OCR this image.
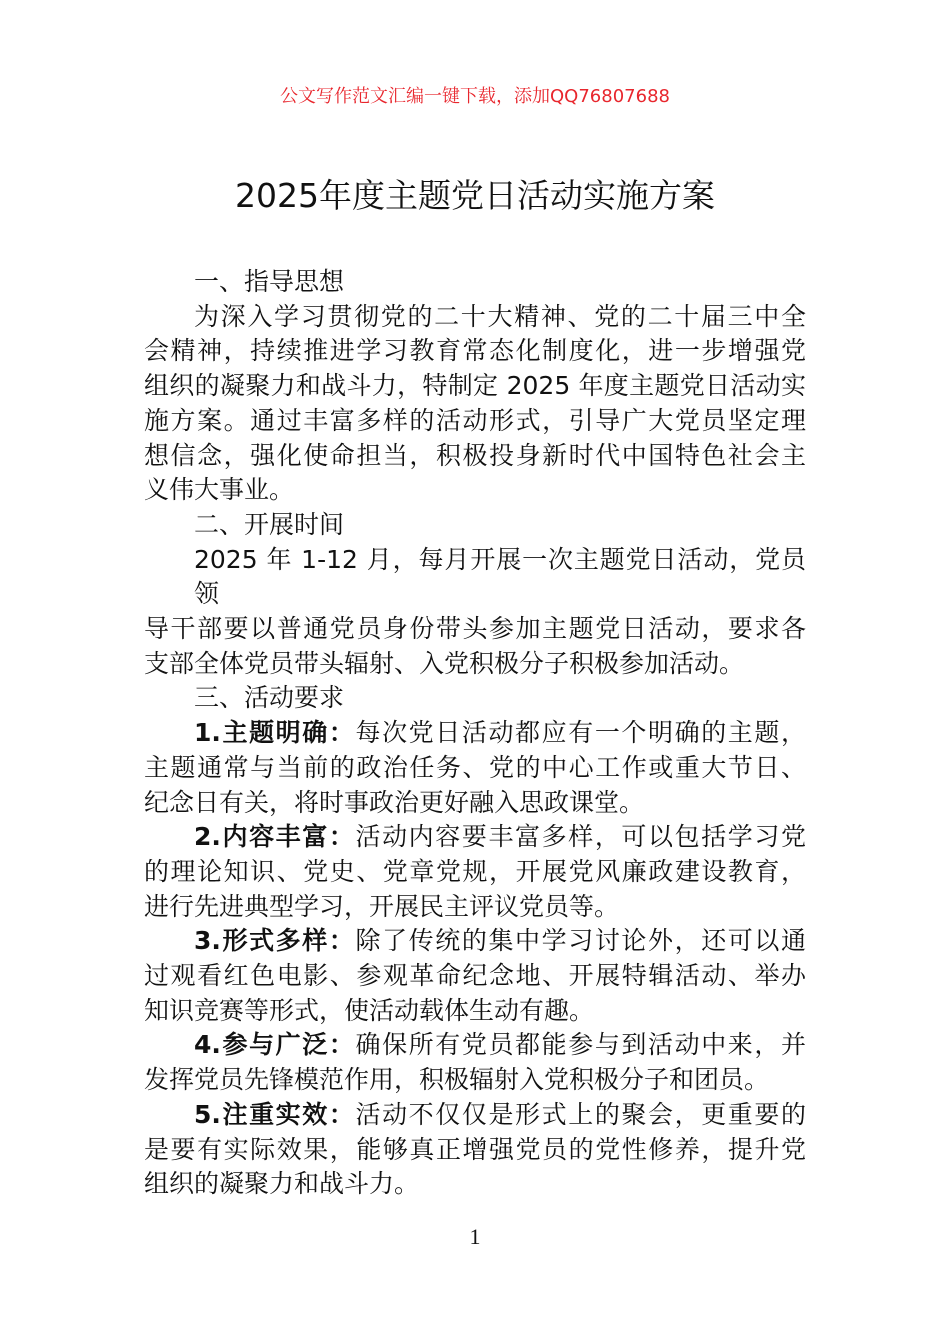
公文写作范文汇编一键下载，添加QQ76807688
2025年度主题党日活动实施方案
一、指导思想
为深入学习贯彻党的二十大精神、党的二十届三中全
会精神，持续推进学习教育常态化制度化，进一步增强党
组织的凝聚力和战斗力，特制定 2025 年度主题党日活动实
施方案。通过丰富多样的活动形式，引导广大党员坚定理
想信念，强化使命担当，积极投身新时代中国特色社会主
义伟大事业。
二、开展时间
2025 年 1-12 月，每月开展一次主题党日活动，党员领
导干部要以普通党员身份带头参加主题党日活动，要求各
支部全体党员带头辐射、入党积极分子积极参加活动。
三、活动要求
1.主题明确：每次党日活动都应有一个明确的主题，
主题通常与当前的政治任务、党的中心工作或重大节日、
纪念日有关，将时事政治更好融入思政课堂。
2.内容丰富：活动内容要丰富多样，可以包括学习党
的理论知识、党史、党章党规，开展党风廉政建设教育，
进行先进典型学习，开展民主评议党员等。
3.形式多样：除了传统的集中学习讨论外，还可以通
过观看红色电影、参观革命纪念地、开展特辑活动、举办
知识竞赛等形式，使活动载体生动有趣。
4.参与广泛：确保所有党员都能参与到活动中来，并
发挥党员先锋模范作用，积极辐射入党积极分子和团员。
5.注重实效：活动不仅仅是形式上的聚会，更重要的
是要有实际效果，能够真正增强党员的党性修养，提升党
组织的凝聚力和战斗力。
1
